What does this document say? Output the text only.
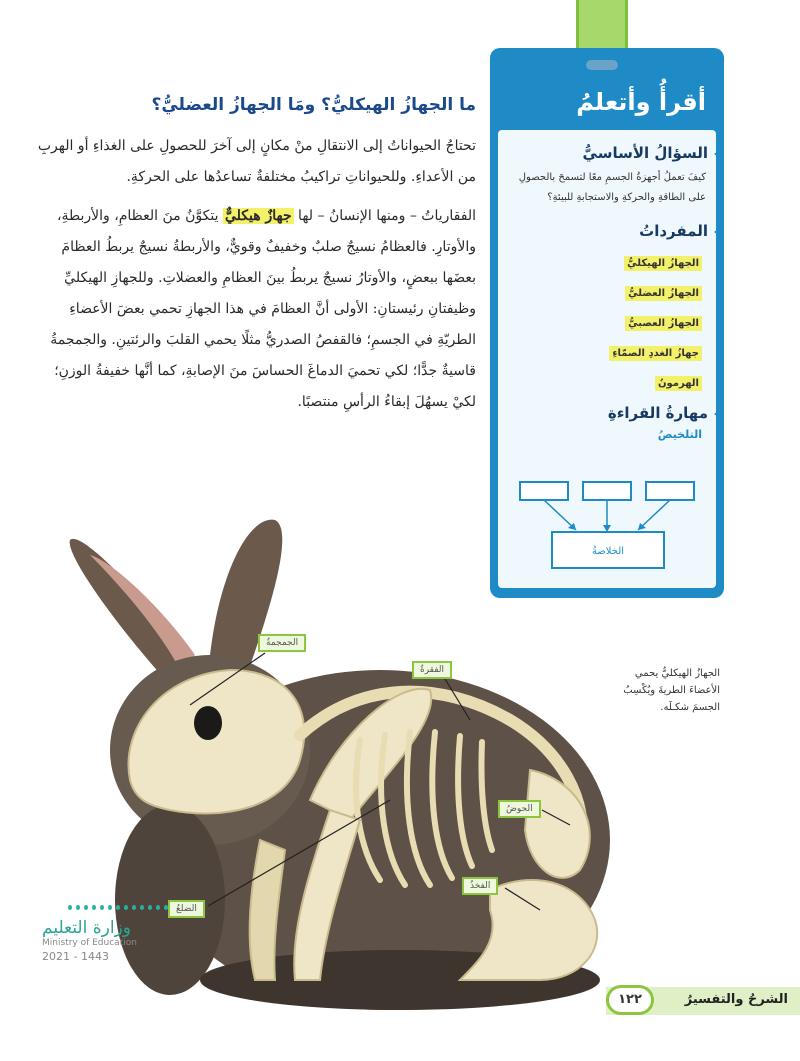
ما الجهازُ الهيكليُّ؟ ومَا الجهازُ العضليُّ؟

تحتاجُ الحيواناتُ إلى الانتقالِ منْ مكانٍ إلى آخرَ للحصولِ على الغذاءِ أو الهربِ من الأعداءِ. وللحيواناتِ تراكيبُ مختلفةٌ تساعدُها على الحركةِ.

الفقارياتُ – ومنها الإنسانُ – لها جهازٌ هيكليٌّ يتكوَّنُ منَ العظامِ، والأربطةِ، والأوتارِ. فالعظامُ نسيجٌ صلبٌ وخفيفٌ وقويٌّ، والأربطةُ نسيجٌ يربطُ العظامَ بعضَها ببعضٍ، والأوتارُ نسيجٌ يربطُ بينَ العظامِ والعضلاتِ. وللجهازِ الهيكليِّ وظيفتانِ رئيستانِ: الأولى أنَّ العظامَ في هذا الجهازِ تحمي بعضَ الأعضاءِ الطريّةِ في الجسمِ؛ فالقفصُ الصدريُّ مثلًا يحمي القلبَ والرئتينِ. والجمجمةُ قاسيةٌ جدًّا؛ لكي تحميَ الدماغَ الحساسَ منَ الإصابةِ، كما أنَّها خفيفةُ الوزنِ؛ لكيْ يسهُلَ إبقاءُ الرأسِ منتصبًا.

أقرأُ وأتعلمُ
السؤالُ الأساسيُّ
كيفَ تعملُ أجهزةُ الجسمِ معًا لتسمحَ بالحصولِ على الطاقةِ والحركةِ والاستجابةِ للبيئةِ؟
المفرداتُ
الجهازُ الهيكليُّ
الجهازُ العضليُّ
الجهازُ العصبيُّ
جهازُ الغددِ الصمّاءِ
الهرمونُ
مهارةُ القراءةِ
التلخيصُ
الخلاصةُ
الجمجمةُ
الفقرةُ
الحوضُ
الفخذُ
الضلعُ
الجهازُ الهيكليُّ يحمي الأعضاءَ الطريةَ ويُكْسِبُ الجسمَ شكـلَه.
وزارة التعليم
Ministry of Education
2021 - 1443

الشرحُ والتفسيرُ

١٢٢
